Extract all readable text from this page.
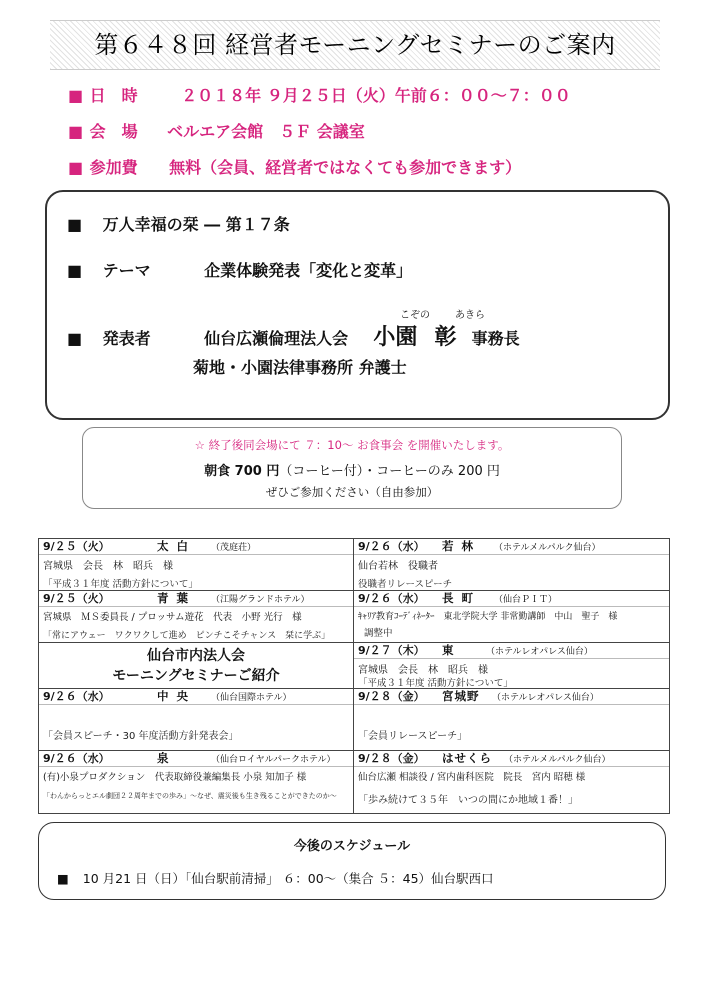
第６４８回 経営者モーニングセミナーのご案内
■ 日　時	２０１８年 ９月２５日（火）午前６：００～７：００
■ 会　場 ベルエア会館　５Ｆ 会議室
■ 参加費 無料（会員、経営者ではなくても参加できます）
■ 万人幸福の栞 ― 第１７条
■ テーマ	企業体験発表「変化と変革」
■ 発表者	仙台広瀬倫理法人会 小園 彰 事務長
こぞの	あきら
菊地・小園法律事務所 弁護士
☆ 終了後同会場にて ７：10～ お食事会 を開催いたします。
朝食 700 円（コーヒー付）・コーヒーのみ 200 円
ぜひご参加ください（自由参加）
9/２５（火）	太 白 （茂庭荘）
宮城県　会長　林　昭兵　様
「平成３１年度 活動方針について」
9/２６（水） 若 林 （ホテルメルパルク仙台）
仙台若林　役職者
役職者リレースピーチ
9/２５（火）	青 葉 （江陽グランドホテル）
宮城県　ＭＳ委員長 / プロッサム遊花　代表　小野 光行　様
「常にアウェー　ワクワクして進め　ピンチこそチャンス　栞に学ぶ」
9/２６（水） 長 町 （仙台ＰＩＴ）
ｷｬﾘｱ教育ｺｰﾃﾞｨﾈｰﾀｰ　東北学院大学 非常勤講師　中山　聖子　様
調整中
仙台市内法人会
モーニングセミナーご紹介
9/２７（木） 東	（ホテルレオパレス仙台）
宮城県　会長　林　昭兵　様
「平成３１年度 活動方針について」
9/２６（水）	中 央 （仙台国際ホテル）
「会員スピーチ・30 年度活動方針発表会」
9/２８（金） 宮城野 （ホテルレオパレス仙台）
「会員リレースピーチ」
9/２６（水）	泉	（仙台ロイヤルパークホテル）
(有)小泉プロダクション　代表取締役兼編集長 小泉 知加子 様
「わんからっとエル劇団２２周年までの歩み」～なぜ、震災後も生き残ることができたのか～
9/２８（金） はせくら （ホテルメルパルク仙台）
仙台広瀬 相談役 / 宮内歯科医院　院長　宮内 昭穂 様
「歩み続けて３５年　いつの間にか地域１番！」
今後のスケジュール
■ 10 月21 日（日）「仙台駅前清掃」 ６：00～（集合 ５：45）仙台駅西口
